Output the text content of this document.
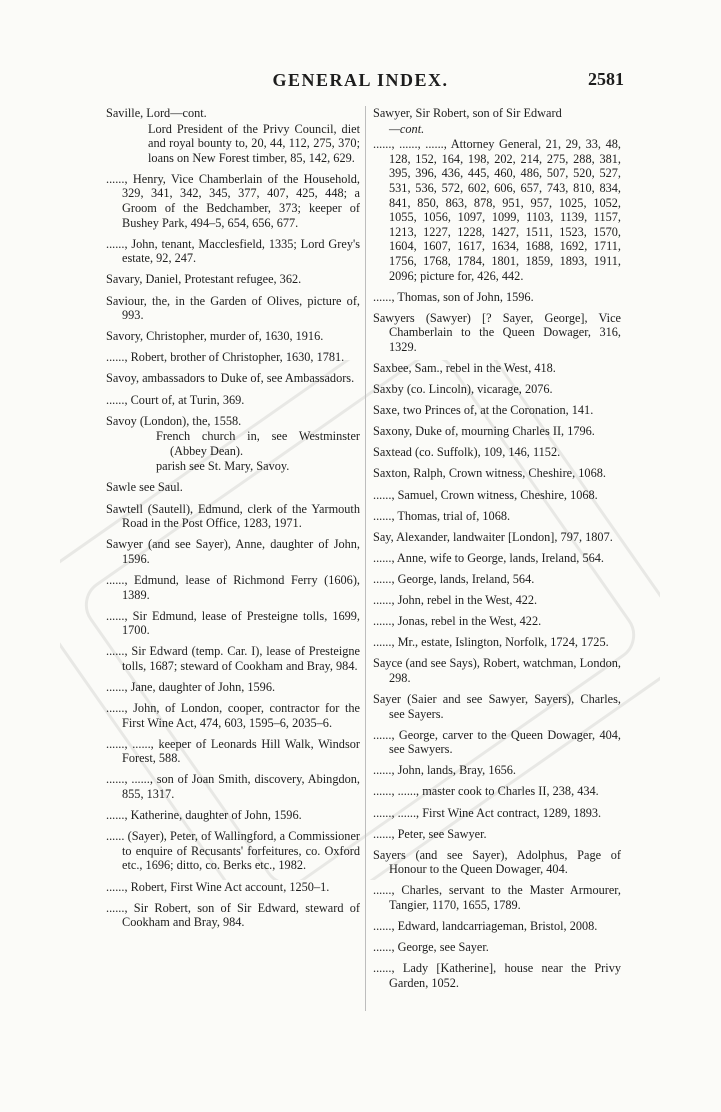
GENERAL INDEX.	2581
Saville, Lord—cont.
Lord President of the Privy Council, diet and royal bounty to, 20, 44, 112, 275, 370; loans on New Forest timber, 85, 142, 629.
......, Henry, Vice Chamberlain of the Household, 329, 341, 342, 345, 377, 407, 425, 448; a Groom of the Bedchamber, 373; keeper of Bushey Park, 494–5, 654, 656, 677.
......, John, tenant, Macclesfield, 1335; Lord Grey's estate, 92, 247.
Savary, Daniel, Protestant refugee, 362.
Saviour, the, in the Garden of Olives, picture of, 993.
Savory, Christopher, murder of, 1630, 1916.
......, Robert, brother of Christopher, 1630, 1781.
Savoy, ambassadors to Duke of, see Ambassadors.
......, Court of, at Turin, 369.
Savoy (London), the, 1558.
French church in, see Westminster (Abbey Dean).
parish see St. Mary, Savoy.
Sawle see Saul.
Sawtell (Sautell), Edmund, clerk of the Yarmouth Road in the Post Office, 1283, 1971.
Sawyer (and see Sayer), Anne, daughter of John, 1596.
......, Edmund, lease of Richmond Ferry (1606), 1389.
......, Sir Edmund, lease of Presteigne tolls, 1699, 1700.
......, Sir Edward (temp. Car. I), lease of Presteigne tolls, 1687; steward of Cookham and Bray, 984.
......, Jane, daughter of John, 1596.
......, John, of London, cooper, contractor for the First Wine Act, 474, 603, 1595–6, 2035–6.
......, ......, keeper of Leonards Hill Walk, Windsor Forest, 588.
......, ......, son of Joan Smith, discovery, Abingdon, 855, 1317.
......, Katherine, daughter of John, 1596.
...... (Sayer), Peter, of Wallingford, a Commissioner to enquire of Recusants' forfeitures, co. Oxford etc., 1696; ditto, co. Berks etc., 1982.
......, Robert, First Wine Act account, 1250–1.
......, Sir Robert, son of Sir Edward, steward of Cookham and Bray, 984.
Sawyer, Sir Robert, son of Sir Edward
—cont.
......, ......, ......, Attorney General, 21, 29, 33, 48, 128, 152, 164, 198, 202, 214, 275, 288, 381, 395, 396, 436, 445, 460, 486, 507, 520, 527, 531, 536, 572, 602, 606, 657, 743, 810, 834, 841, 850, 863, 878, 951, 957, 1025, 1052, 1055, 1056, 1097, 1099, 1103, 1139, 1157, 1213, 1227, 1228, 1427, 1511, 1523, 1570, 1604, 1607, 1617, 1634, 1688, 1692, 1711, 1756, 1768, 1784, 1801, 1859, 1893, 1911, 2096; picture for, 426, 442.
......, Thomas, son of John, 1596.
Sawyers (Sawyer) [? Sayer, George], Vice Chamberlain to the Queen Dowager, 316, 1329.
Saxbee, Sam., rebel in the West, 418.
Saxby (co. Lincoln), vicarage, 2076.
Saxe, two Princes of, at the Coronation, 141.
Saxony, Duke of, mourning Charles II, 1796.
Saxtead (co. Suffolk), 109, 146, 1152.
Saxton, Ralph, Crown witness, Cheshire, 1068.
......, Samuel, Crown witness, Cheshire, 1068.
......, Thomas, trial of, 1068.
Say, Alexander, landwaiter [London], 797, 1807.
......, Anne, wife to George, lands, Ireland, 564.
......, George, lands, Ireland, 564.
......, John, rebel in the West, 422.
......, Jonas, rebel in the West, 422.
......, Mr., estate, Islington, Norfolk, 1724, 1725.
Sayce (and see Says), Robert, watchman, London, 298.
Sayer (Saier and see Sawyer, Sayers), Charles, see Sayers.
......, George, carver to the Queen Dowager, 404, see Sawyers.
......, John, lands, Bray, 1656.
......, ......, master cook to Charles II, 238, 434.
......, ......, First Wine Act contract, 1289, 1893.
......, Peter, see Sawyer.
Sayers (and see Sayer), Adolphus, Page of Honour to the Queen Dowager, 404.
......, Charles, servant to the Master Armourer, Tangier, 1170, 1655, 1789.
......, Edward, landcarriageman, Bristol, 2008.
......, George, see Sayer.
......, Lady [Katherine], house near the Privy Garden, 1052.
